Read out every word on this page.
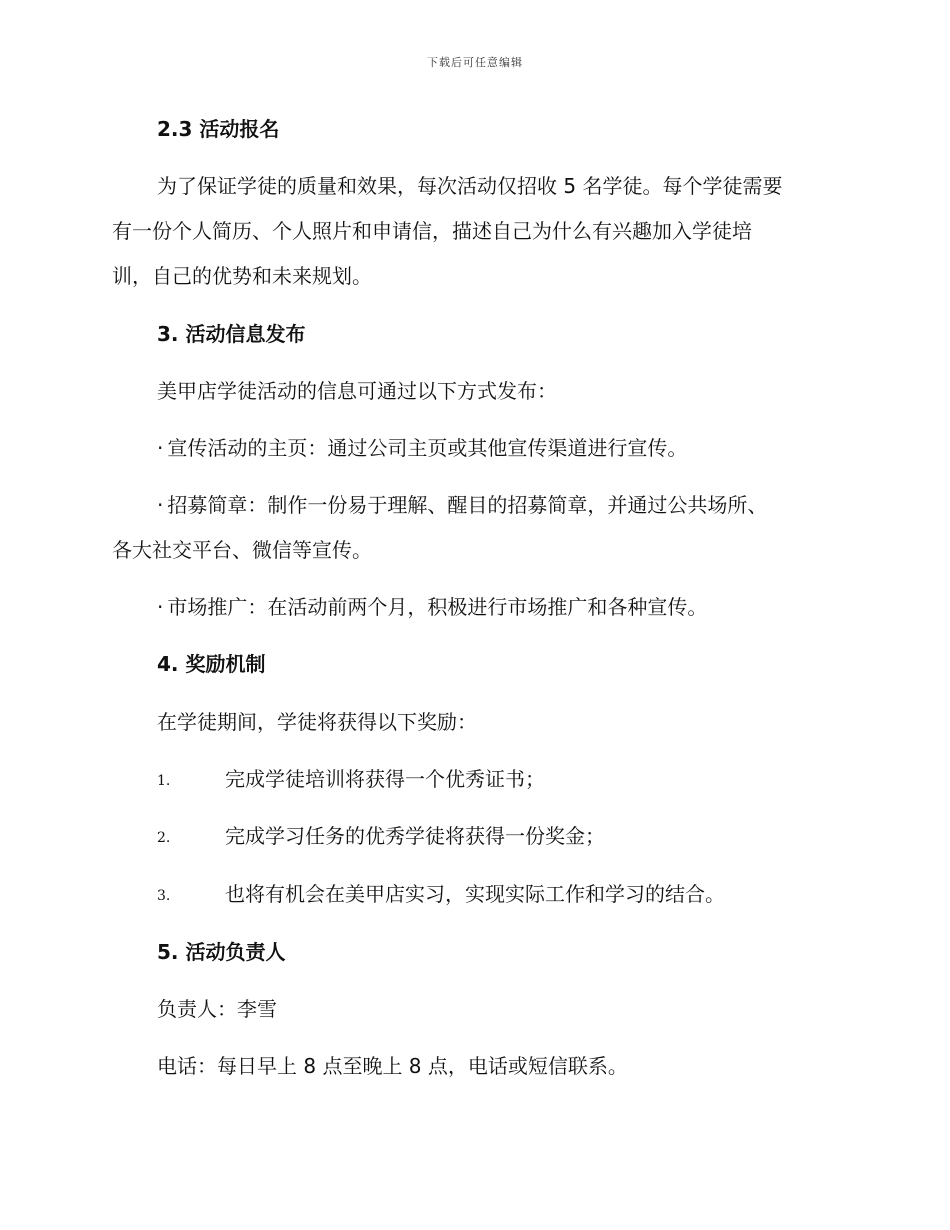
下载后可任意编辑
2.3 活动报名
为了保证学徒的质量和效果，每次活动仅招收 5 名学徒。每个学徒需要
有一份个人简历、个人照片和申请信，描述自己为什么有兴趣加入学徒培
训，自己的优势和未来规划。
3. 活动信息发布
美甲店学徒活动的信息可通过以下方式发布：
· 宣传活动的主页：通过公司主页或其他宣传渠道进行宣传。
· 招募简章：制作一份易于理解、醒目的招募简章，并通过公共场所、
各大社交平台、微信等宣传。
· 市场推广：在活动前两个月，积极进行市场推广和各种宣传。
4. 奖励机制
在学徒期间，学徒将获得以下奖励：
1.	完成学徒培训将获得一个优秀证书；
2.	完成学习任务的优秀学徒将获得一份奖金；
3.	也将有机会在美甲店实习，实现实际工作和学习的结合。
5. 活动负责人
负责人：李雪
电话：每日早上 8 点至晚上 8 点，电话或短信联系。
